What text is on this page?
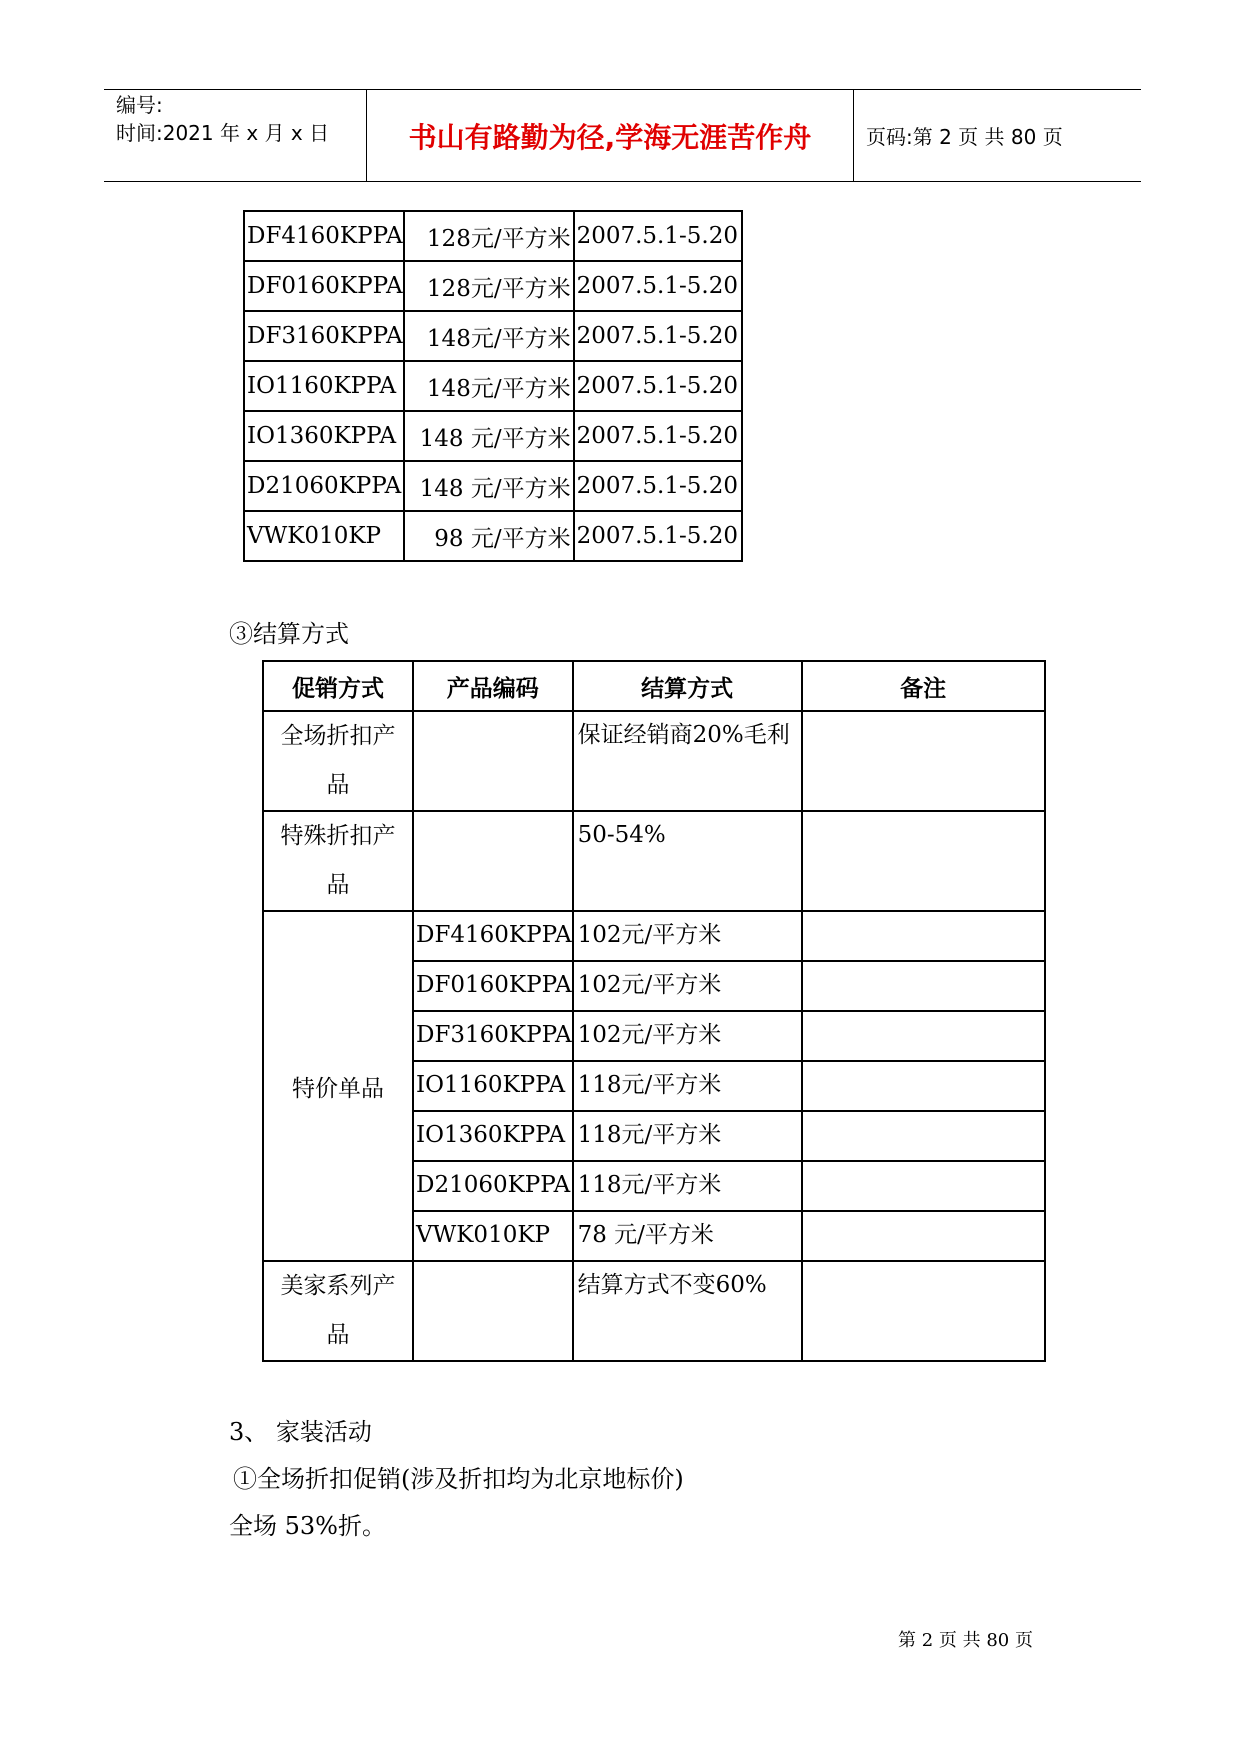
编号:
时间:2021 年 x 月 x 日	书山有路勤为径,学海无涯苦作舟	页码:第 2 页 共 80 页
DF4160KPPA	128元/平方米	2007.5.1-5.20
DF0160KPPA	128元/平方米	2007.5.1-5.20
DF3160KPPA	148元/平方米	2007.5.1-5.20
IO1160KPPA	148元/平方米	2007.5.1-5.20
IO1360KPPA	148 元/平方米	2007.5.1-5.20
D21060KPPA	148 元/平方米	2007.5.1-5.20
VWK010KP	98 元/平方米	2007.5.1-5.20
③结算方式
促销方式	产品编码	结算方式	备注

全场折扣产品		保证经销商20%毛利	

特殊折扣产品		50-54%	
特价单品	DF4160KPPA	102元/平方米	
	DF0160KPPA	102元/平方米	
	DF3160KPPA	102元/平方米	
	IO1160KPPA	118元/平方米	
	IO1360KPPA	118元/平方米	
	D21060KPPA	118元/平方米	
	VWK010KP	78 元/平方米	

美家系列产品		结算方式不变60%	
3、 家装活动
①全场折扣促销(涉及折扣均为北京地标价)
全场 53%折。
第 2 页 共 80 页
